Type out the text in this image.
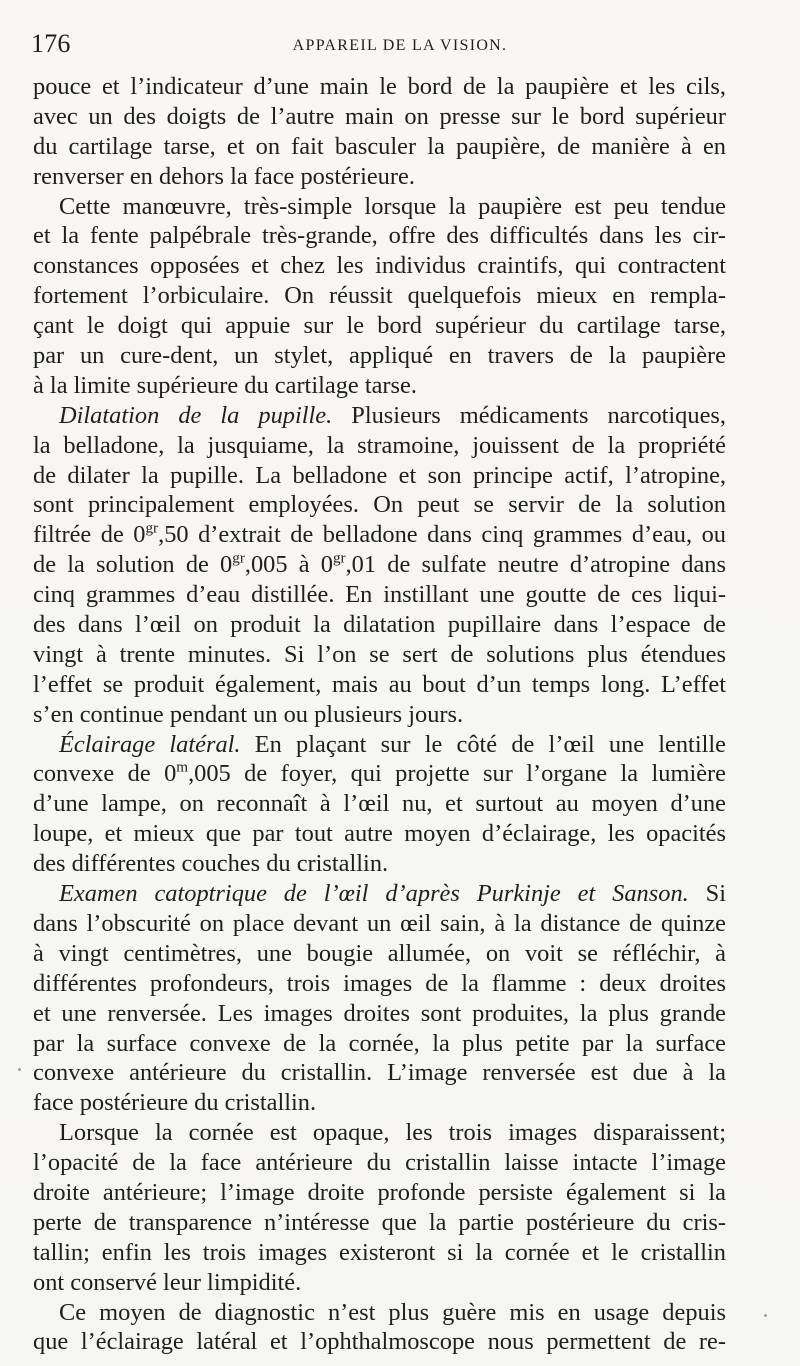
176	APPAREIL DE LA VISION.
pouce et l’indicateur d’une main le bord de la paupière et les cils,
avec un des doigts de l’autre main on presse sur le bord supérieur
du cartilage tarse, et on fait basculer la paupière, de manière à en
renverser en dehors la face postérieure.
Cette manœuvre, très-simple lorsque la paupière est peu tendue
et la fente palpébrale très-grande, offre des difficultés dans les cir-
constances opposées et chez les individus craintifs, qui contractent
fortement l’orbiculaire. On réussit quelquefois mieux en rempla-
çant le doigt qui appuie sur le bord supérieur du cartilage tarse,
par un cure-dent, un stylet, appliqué en travers de la paupière
à la limite supérieure du cartilage tarse.
Dilatation de la pupille. Plusieurs médicaments narcotiques,
la belladone, la jusquiame, la stramoine, jouissent de la propriété
de dilater la pupille. La belladone et son principe actif, l’atropine,
sont principalement employées. On peut se servir de la solution
filtrée de $0^{gr},50$ d’extrait de belladone dans cinq grammes d’eau, ou
de la solution de $0^{gr},005$ à $0^{gr},01$ de sulfate neutre d’atropine dans
cinq grammes d’eau distillée. En instillant une goutte de ces liqui-
des dans l’œil on produit la dilatation pupillaire dans l’espace de
vingt à trente minutes. Si l’on se sert de solutions plus étendues
l’effet se produit également, mais au bout d’un temps long. L’effet
s’en continue pendant un ou plusieurs jours.
Éclairage latéral. En plaçant sur le côté de l’œil une lentille
convexe de 0$^m$,005 de foyer, qui projette sur l’organe la lumière
d’une lampe, on reconnaît à l’œil nu, et surtout au moyen d’une
loupe, et mieux que par tout autre moyen d’éclairage, les opacités
des différentes couches du cristallin.
Examen catoptrique de l’œil d’après Purkinje et Sanson. Si
dans l’obscurité on place devant un œil sain, à la distance de quinze
à vingt centimètres, une bougie allumée, on voit se réfléchir, à
différentes profondeurs, trois images de la flamme : deux droites
et une renversée. Les images droites sont produites, la plus grande
par la surface convexe de la cornée, la plus petite par la surface
convexe antérieure du cristallin. L’image renversée est due à la
face postérieure du cristallin.
Lorsque la cornée est opaque, les trois images disparaissent;
l’opacité de la face antérieure du cristallin laisse intacte l’image
droite antérieure; l’image droite profonde persiste également si la
perte de transparence n’intéresse que la partie postérieure du cris-
tallin; enfin les trois images existeront si la cornée et le cristallin
ont conservé leur limpidité.
Ce moyen de diagnostic n’est plus guère mis en usage depuis
que l’éclairage latéral et l’ophthalmoscope nous permettent de re-
